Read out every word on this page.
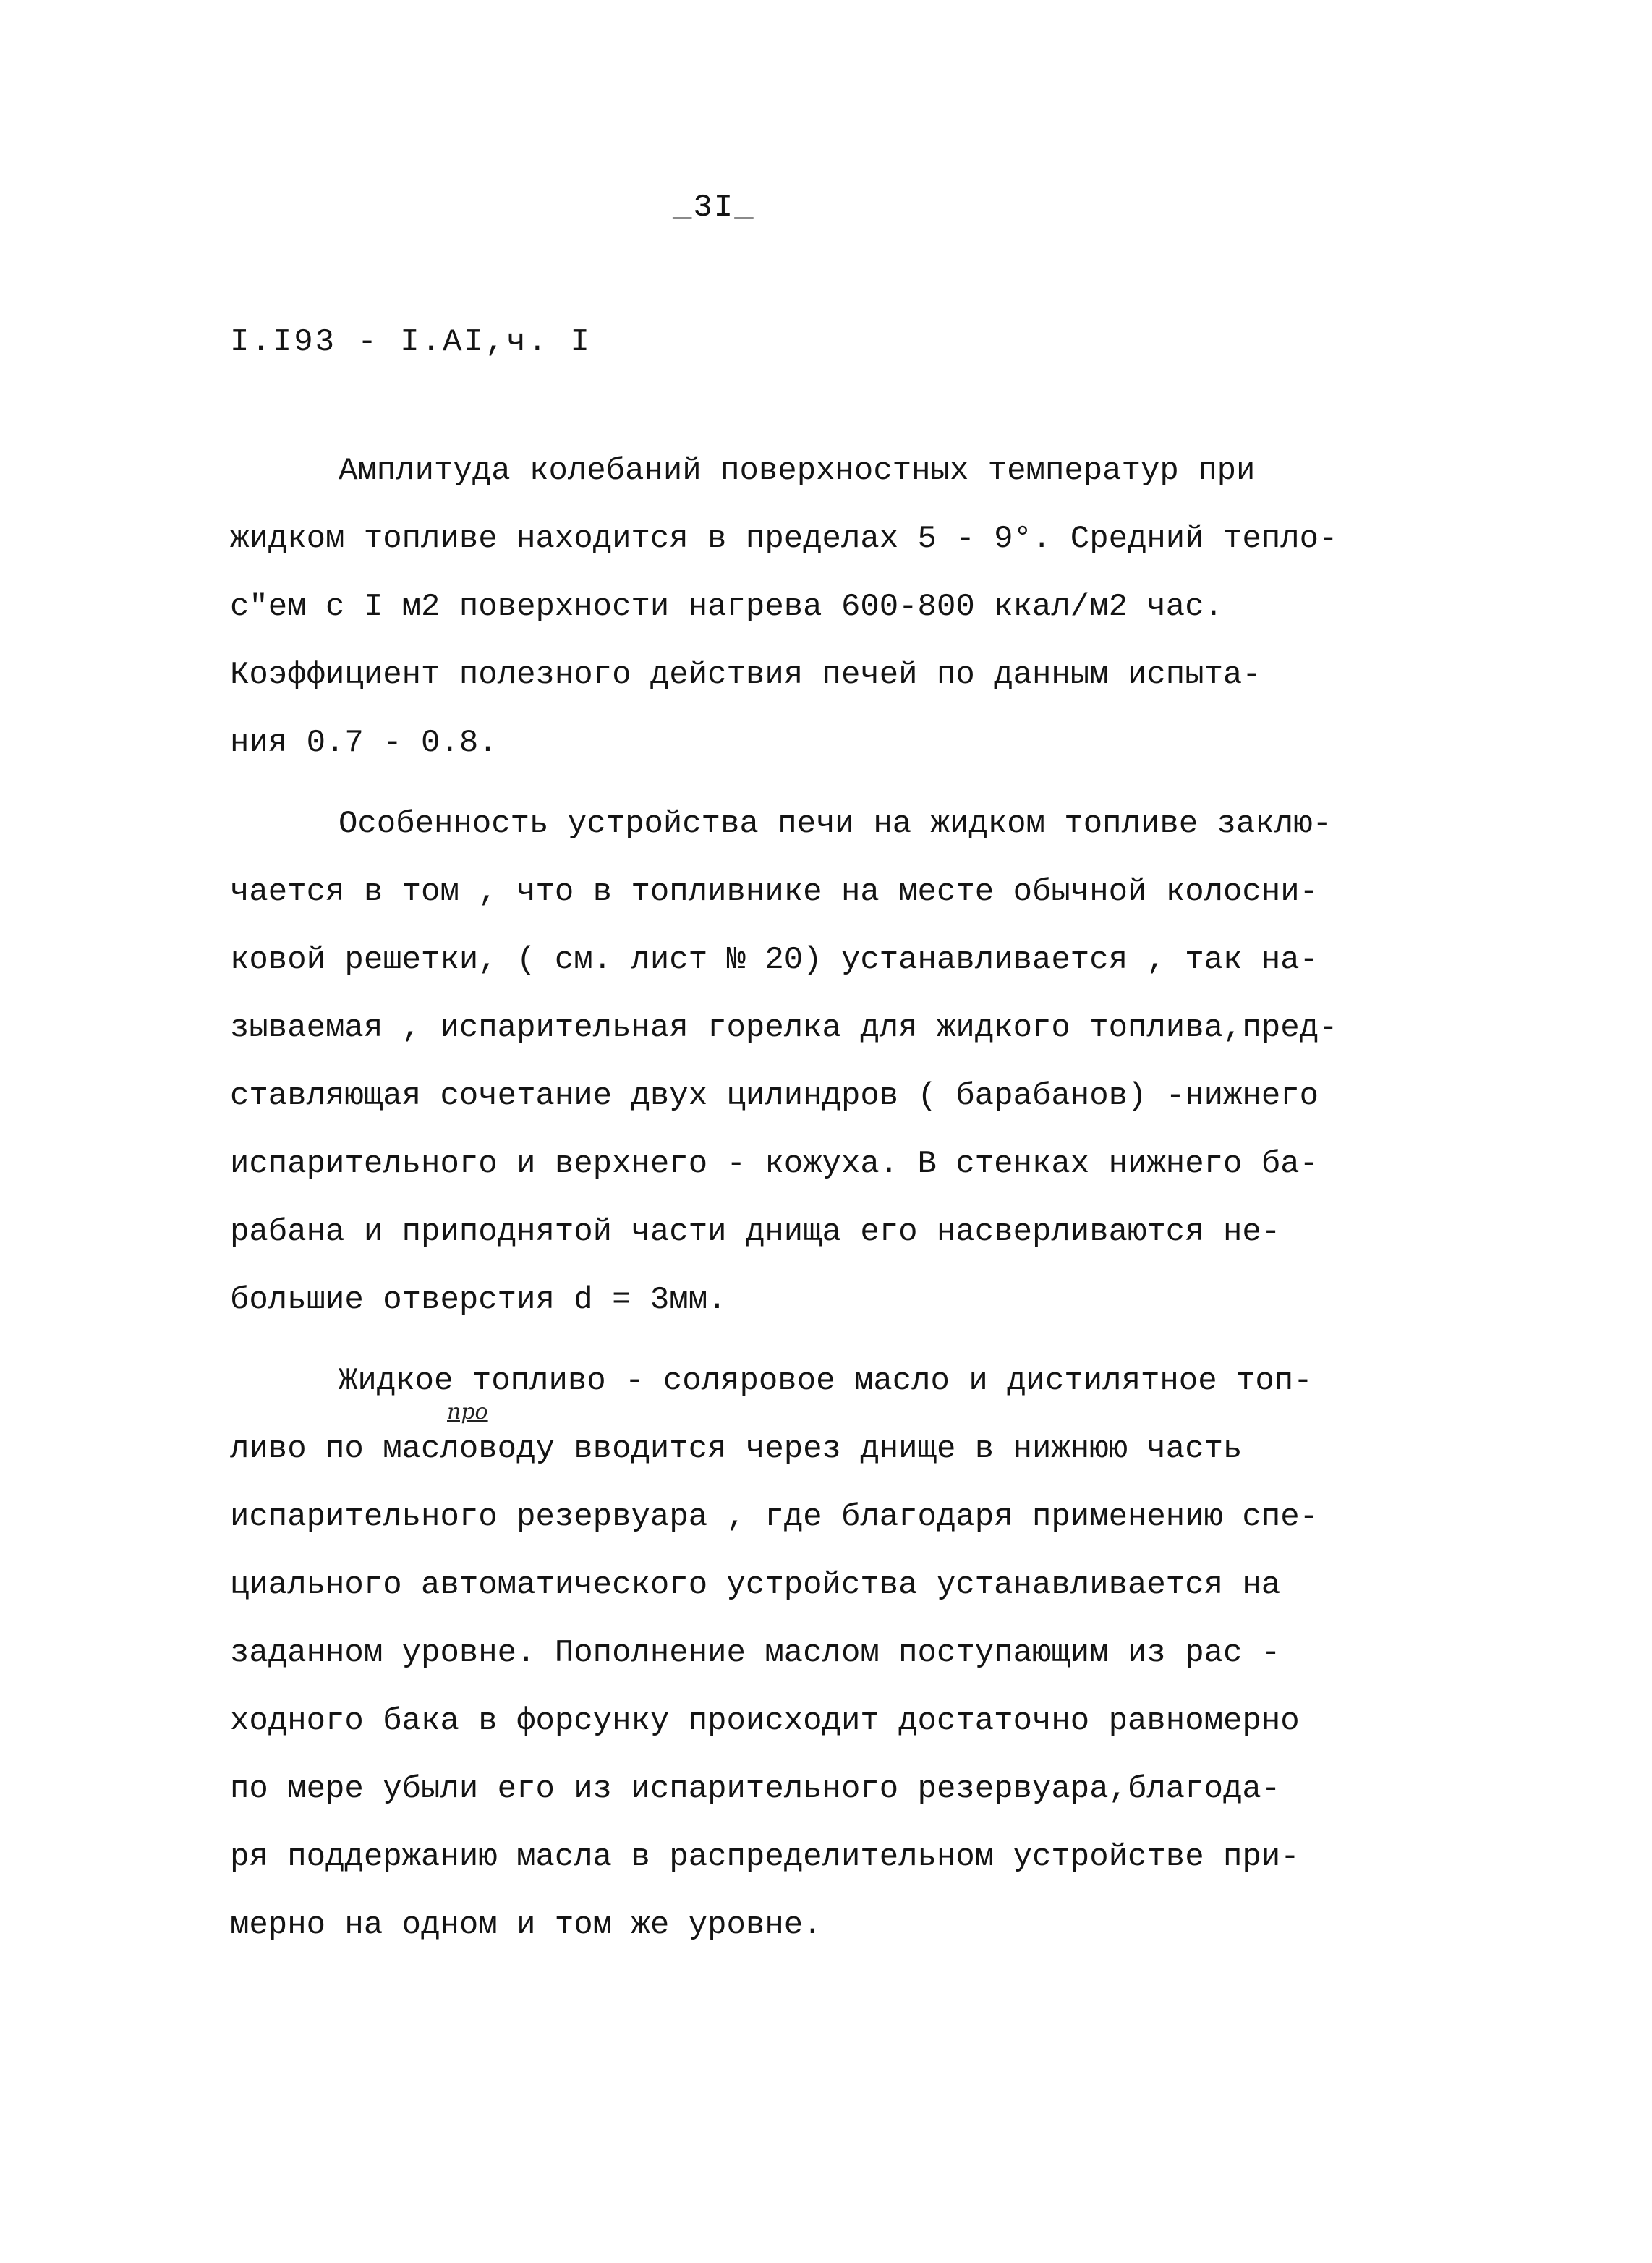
_3I_
I.I93 - I.AI,ч. I
Амплитуда колебаний поверхностных температур при
жидком топливе находится в пределах 5 - 9°. Средний тепло-
с"ем с I м2 поверхности нагрева 600-800 ккал/м2 час.
Коэффициент полезного действия печей по данным испыта-
ния 0.7 - 0.8.
Особенность устройства печи на жидком топливе заклю-
чается в том , что в топливнике на месте обычной колосни-
ковой решетки, ( см. лист № 20) устанавливается , так на-
зываемая , испарительная горелка для жидкого топлива,пред-
ставляющая сочетание двух цилиндров ( барабанов) -нижнего
испарительного и верхнего - кожуха. В стенках нижнего ба-
рабана и приподнятой части днища его насверливаются не-
большие отверстия d = 3мм.
про
Жидкое топливо - соляровое масло и дистилятное топ-
ливо по масловоду вводится через днище в нижнюю часть
испарительного резервуара , где благодаря применению спе-
циального автоматического устройства устанавливается на
заданном уровне. Пополнение маслом поступающим из рас -
ходного бака в форсунку происходит достаточно равномерно
по мере убыли его из испарительного резервуара,благода-
ря поддержанию масла в распределительном устройстве при-
мерно на одном и том же уровне.
